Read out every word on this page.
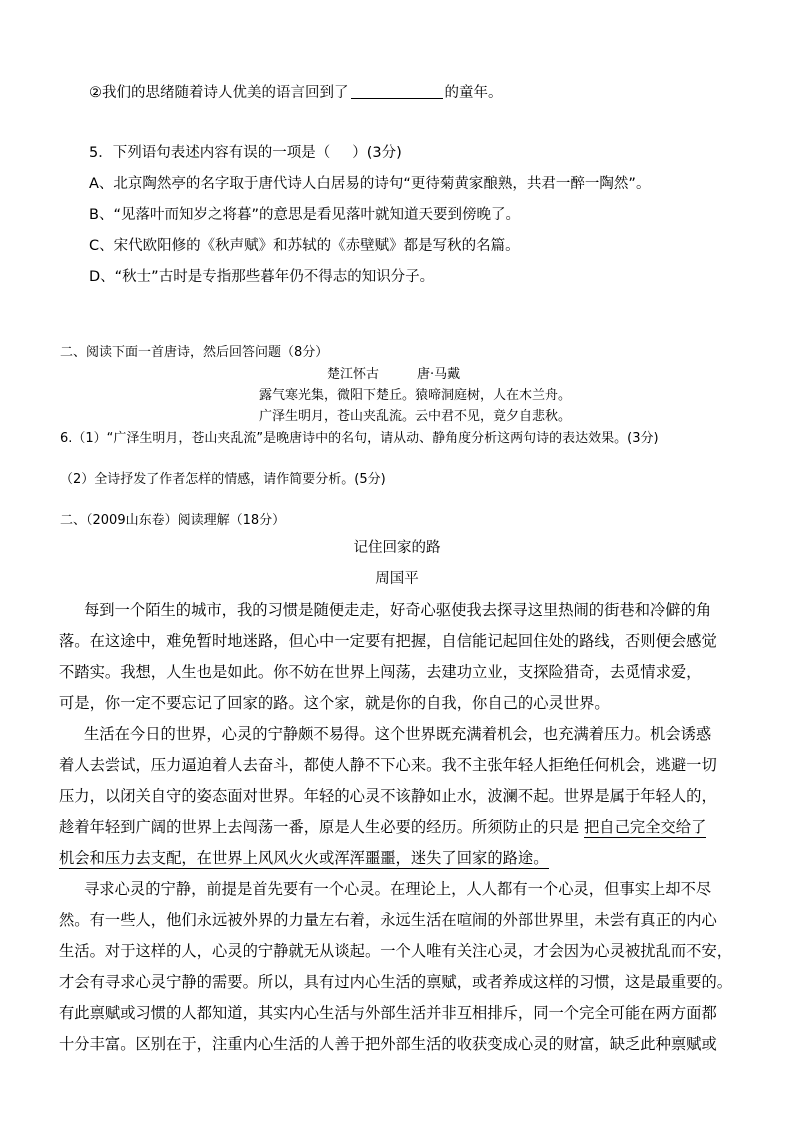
②我们的思绪随着诗人优美的语言回到了	的童年。
5．下列语句表述内容有误的一项是（ ）(3分)
A、北京陶然亭的名字取于唐代诗人白居易的诗句“更待菊黄家酿熟，共君一醉一陶然”。
B、“见落叶而知岁之将暮”的意思是看见落叶就知道天要到傍晚了。
C、宋代欧阳修的《秋声赋》和苏轼的《赤壁赋》都是写秋的名篇。
D、“秋士”古时是专指那些暮年仍不得志的知识分子。
二、阅读下面一首唐诗，然后回答问题（8分）
楚江怀古	唐·马戴
露气寒光集，微阳下楚丘。猿啼洞庭树，人在木兰舟。
广泽生明月，苍山夹乱流。云中君不见，竟夕自悲秋。
6.（1）“广泽生明月，苍山夹乱流”是晚唐诗中的名句，请从动、静角度分析这两句诗的表达效果。(3分)
（2）全诗抒发了作者怎样的情感，请作简要分析。(5分)
二、（2009山东卷）阅读理解（18分）
记住回家的路
周国平
每到一个陌生的城市，我的习惯是随便走走，好奇心驱使我去探寻这里热闹的街巷和冷僻的角
落。在这途中，难免暂时地迷路，但心中一定要有把握，自信能记起回住处的路线，否则便会感觉
不踏实。我想，人生也是如此。你不妨在世界上闯荡，去建功立业，支探险猎奇，去觅情求爱，
可是，你一定不要忘记了回家的路。这个家，就是你的自我，你自己的心灵世界。
生活在今日的世界，心灵的宁静颇不易得。这个世界既充满着机会，也充满着压力。机会诱惑
着人去尝试，压力逼迫着人去奋斗，都使人静不下心来。我不主张年轻人拒绝任何机会，逃避一切
压力，以闭关自守的姿态面对世界。年轻的心灵不该静如止水，波澜不起。世界是属于年轻人的，
趁着年轻到广阔的世界上去闯荡一番，原是人生必要的经历。所须防止的只是 把自己完全交给了
机会和压力去支配，在世界上风风火火或浑浑噩噩，迷失了回家的路途。
寻求心灵的宁静，前提是首先要有一个心灵。在理论上，人人都有一个心灵，但事实上却不尽
然。有一些人，他们永远被外界的力量左右着，永远生活在喧闹的外部世界里，未尝有真正的内心
生活。对于这样的人，心灵的宁静就无从谈起。一个人唯有关注心灵，才会因为心灵被扰乱而不安，
才会有寻求心灵宁静的需要。所以，具有过内心生活的禀赋，或者养成这样的习惯，这是最重要的。
有此禀赋或习惯的人都知道，其实内心生活与外部生活并非互相排斥，同一个完全可能在两方面都
十分丰富。区别在于，注重内心生活的人善于把外部生活的收获变成心灵的财富，缺乏此种禀赋或
